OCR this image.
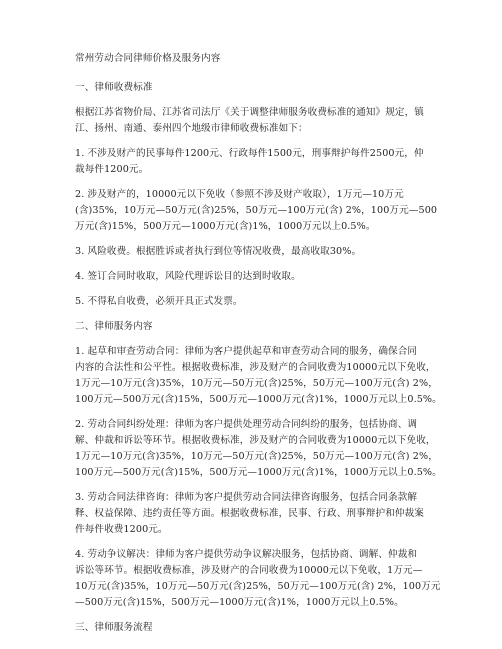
常州劳动合同律师价格及服务内容

一、律师收费标准

根据江苏省物价局、江苏省司法厅《关于调整律师服务收费标准的通知》规定，镇

江、扬州、南通、泰州四个地级市律师收费标准如下：

1. 不涉及财产的民事每件1200元、行政每件1500元，刑事辩护每件2500元，仲

裁每件1200元。

2. 涉及财产的，10000元以下免收（参照不涉及财产收取），1万元—10万元

(含)35%，10万元—50万元(含)25%，50万元—100万元(含) 2%，100万元—500

万元(含)15%，500万元—1000万元(含)1%，1000万元以上0.5%。

3. 风险收费。根据胜诉或者执行到位等情况收费，最高收取30%。

4. 签订合同时收取，风险代理诉讼目的达到时收取。

5. 不得私自收费，必须开具正式发票。

二、律师服务内容

1. 起草和审查劳动合同：律师为客户提供起草和审查劳动合同的服务，确保合同

内容的合法性和公平性。根据收费标准，涉及财产的合同收费为10000元以下免收，

1万元—10万元(含)35%，10万元—50万元(含)25%，50万元—100万元(含) 2%，

100万元—500万元(含)15%，500万元—1000万元(含)1%，1000万元以上0.5%。

2. 劳动合同纠纷处理：律师为客户提供处理劳动合同纠纷的服务，包括协商、调

解、仲裁和诉讼等环节。根据收费标准，涉及财产的合同收费为10000元以下免收，

1万元—10万元(含)35%，10万元—50万元(含)25%，50万元—100万元(含) 2%，

100万元—500万元(含)15%，500万元—1000万元(含)1%，1000万元以上0.5%。

3. 劳动合同法律咨询：律师为客户提供劳动合同法律咨询服务，包括合同条款解

释、权益保障、违约责任等方面。根据收费标准，民事、行政、刑事辩护和仲裁案

件每件收费1200元。

4. 劳动争议解决：律师为客户提供劳动争议解决服务，包括协商、调解、仲裁和

诉讼等环节。根据收费标准，涉及财产的合同收费为10000元以下免收，1万元—

10万元(含)35%，10万元—50万元(含)25%，50万元—100万元(含) 2%，100万元

—500万元(含)15%，500万元—1000万元(含)1%，1000万元以上0.5%。

三、律师服务流程
